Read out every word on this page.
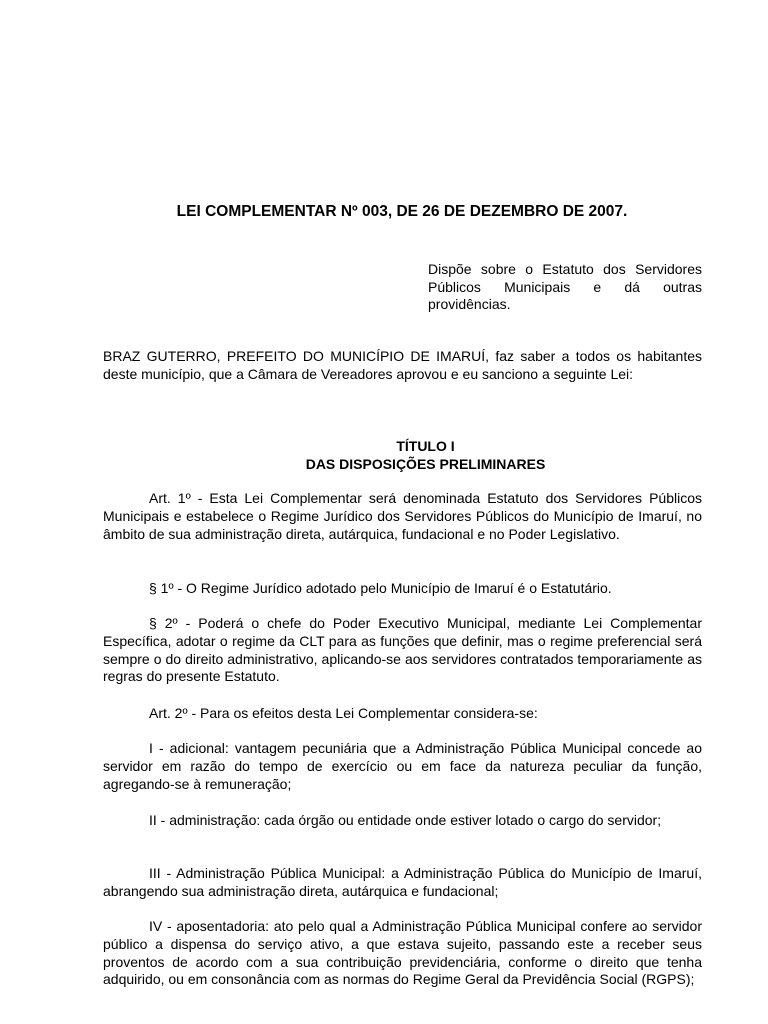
LEI COMPLEMENTAR Nº 003, DE 26 DE DEZEMBRO DE 2007.
Dispõe sobre o Estatuto dos Servidores Públicos Municipais e dá outras providências.

BRAZ GUTERRO, PREFEITO DO MUNICÍPIO DE IMARUÍ, faz saber a todos os habitantes deste município, que a Câmara de Vereadores aprovou e eu sanciono a seguinte Lei:

TÍTULO I
DAS DISPOSIÇÕES PRELIMINARES

Art. 1º - Esta Lei Complementar será denominada Estatuto dos Servidores Públicos Municipais e estabelece o Regime Jurídico dos Servidores Públicos do Município de Imaruí, no âmbito de sua administração direta, autárquica, fundacional e no Poder Legislativo.

§ 1º - O Regime Jurídico adotado pelo Município de Imaruí é o Estatutário.

§ 2º - Poderá o chefe do Poder Executivo Municipal, mediante Lei Complementar Específica, adotar o regime da CLT para as funções que definir, mas o regime preferencial será sempre o do direito administrativo, aplicando-se aos servidores contratados temporariamente as regras do presente Estatuto.

Art. 2º - Para os efeitos desta Lei Complementar considera-se:

I - adicional: vantagem pecuniária que a Administração Pública Municipal concede ao servidor em razão do tempo de exercício ou em face da natureza peculiar da função, agregando-se à remuneração;

II - administração: cada órgão ou entidade onde estiver lotado o cargo do servidor;

III - Administração Pública Municipal: a Administração Pública do Município de Imaruí, abrangendo sua administração direta, autárquica e fundacional;

IV - aposentadoria: ato pelo qual a Administração Pública Municipal confere ao servidor público a dispensa do serviço ativo, a que estava sujeito, passando este a receber seus proventos de acordo com a sua contribuição previdenciária, conforme o direito que tenha adquirido, ou em consonância com as normas do Regime Geral da Previdência Social (RGPS);
